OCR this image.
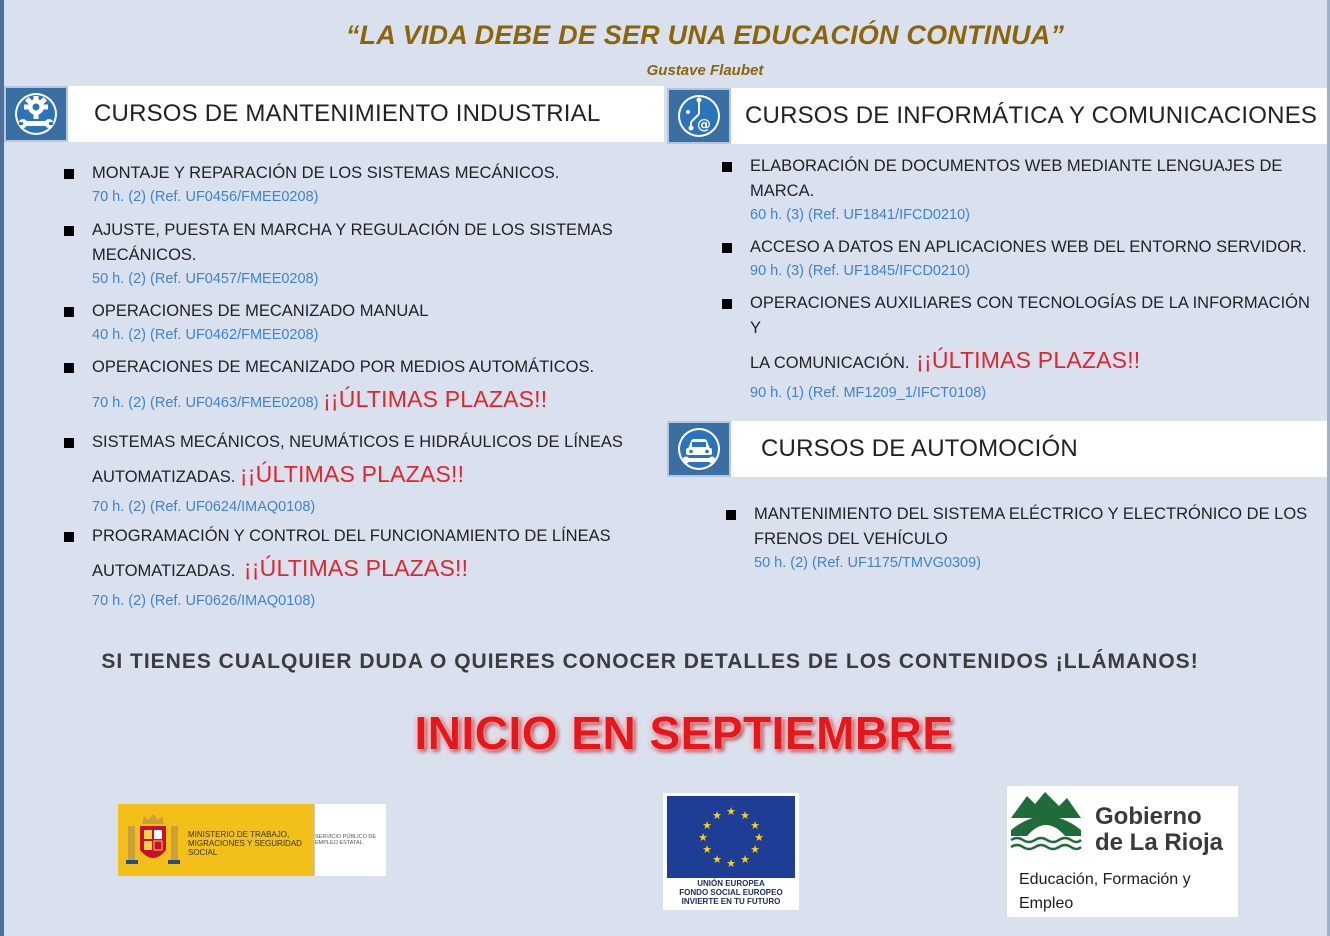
“LA VIDA DEBE DE SER UNA EDUCACIÓN CONTINUA”
Gustave Flaubet
CURSOS DE MANTENIMIENTO INDUSTRIAL
MONTAJE Y REPARACIÓN DE LOS SISTEMAS MECÁNICOS.
70 h. (2) (Ref. UF0456/FMEE0208)
AJUSTE, PUESTA EN MARCHA Y REGULACIÓN DE LOS SISTEMAS
MECÁNICOS.
50 h. (2) (Ref. UF0457/FMEE0208)
OPERACIONES DE MECANIZADO MANUAL
40 h. (2) (Ref. UF0462/FMEE0208)
OPERACIONES DE MECANIZADO POR MEDIOS AUTOMÁTICOS.
70 h. (2) (Ref. UF0463/FMEE0208) ¡¡ÚLTIMAS PLAZAS!!
SISTEMAS MECÁNICOS, NEUMÁTICOS E HIDRÁULICOS DE LÍNEAS
AUTOMATIZADAS. ¡¡ÚLTIMAS PLAZAS!!
70 h. (2) (Ref. UF0624/IMAQ0108)
PROGRAMACIÓN Y CONTROL DEL FUNCIONAMIENTO DE LÍNEAS
AUTOMATIZADAS. ¡¡ÚLTIMAS PLAZAS!!
70 h. (2) (Ref. UF0626/IMAQ0108)
@ CURSOS DE INFORMÁTICA Y COMUNICACIONES
ELABORACIÓN DE DOCUMENTOS WEB MEDIANTE LENGUAJES DE
MARCA.
60 h. (3) (Ref. UF1841/IFCD0210)
ACCESO A DATOS EN APLICACIONES WEB DEL ENTORNO SERVIDOR.
90 h. (3) (Ref. UF1845/IFCD0210)
OPERACIONES AUXILIARES CON TECNOLOGÍAS DE LA INFORMACIÓN Y
LA COMUNICACIÓN. ¡¡ÚLTIMAS PLAZAS!!
90 h. (1) (Ref. MF1209_1/IFCT0108)
CURSOS DE AUTOMOCIÓN
MANTENIMIENTO DEL SISTEMA ELÉCTRICO Y ELECTRÓNICO DE LOS
FRENOS DEL VEHÍCULO
50 h. (2) (Ref. UF1175/TMVG0309)
SI TIENES CUALQUIER DUDA O QUIERES CONOCER DETALLES DE LOS CONTENIDOS ¡LLÁMANOS!
INICIO EN SEPTIEMBRE
MINISTERIO DE TRABAJO, MIGRACIONES Y SEGURIDAD SOCIAL
SERVICIO PÚBLICO DE EMPLEO ESTATAL
★ ★
★
★
★
★
★
★
★
★
★
★
UNIÓN EUROPEA
FONDO SOCIAL EUROPEO
INVIERTE EN TU FUTURO
Gobierno
de La Rioja
Educación, Formación y
Empleo
